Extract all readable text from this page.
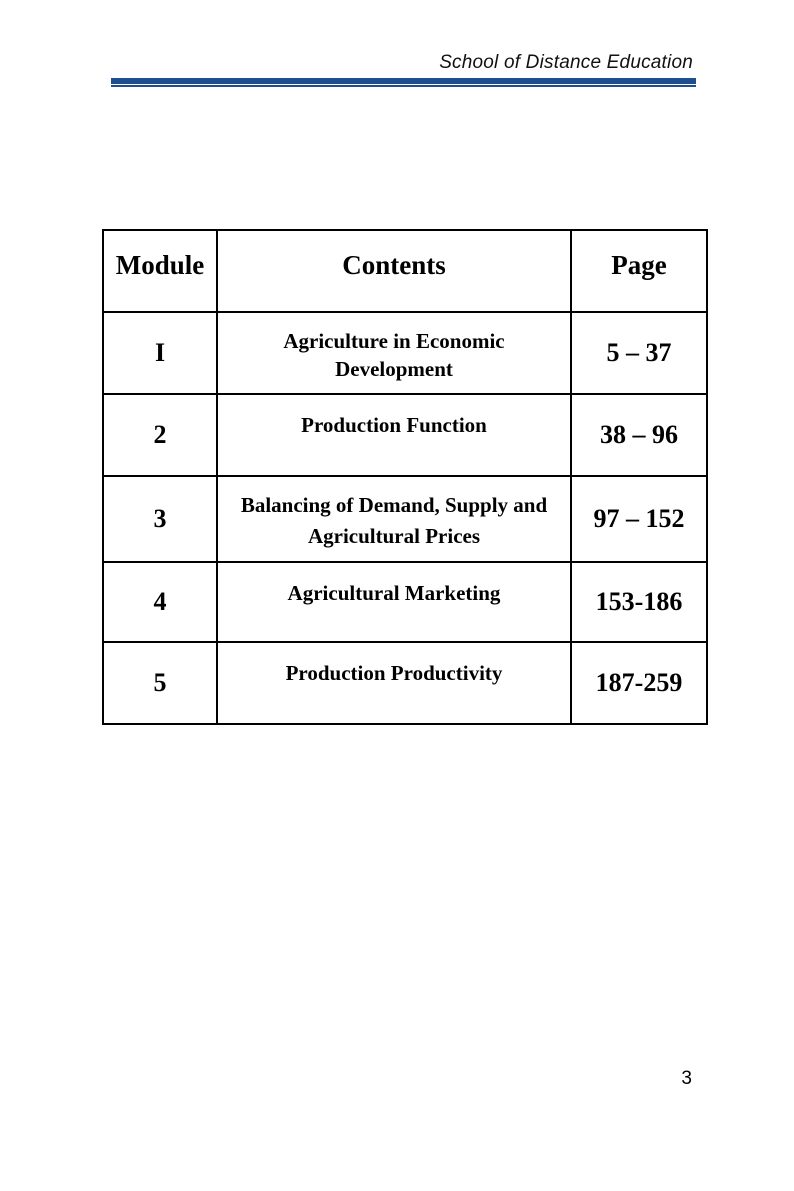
School of Distance Education
Module	Contents	Page
I	Agriculture in Economic Development	5 – 37
2	Production Function	38 – 96
3	Balancing of Demand, Supply and Agricultural Prices	97 – 152
4	Agricultural Marketing	153-186
5	Production Productivity	187-259
3
